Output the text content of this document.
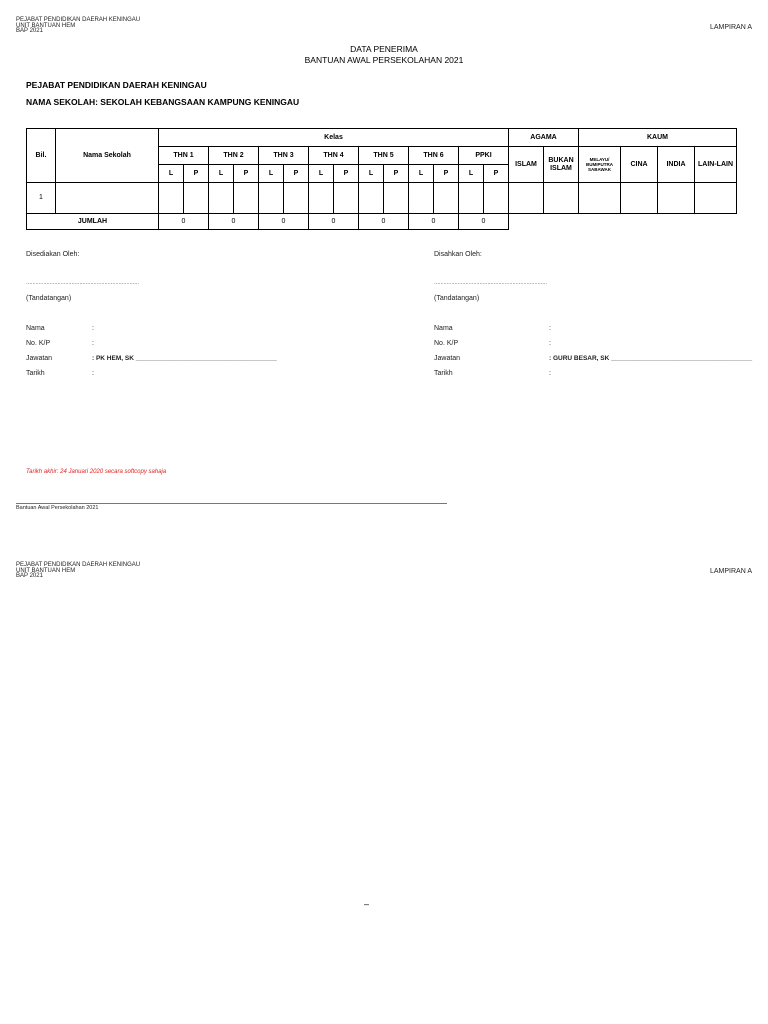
PEJABAT PENDIDIKAN DAERAH KENINGAU
UNIT BANTUAN HEM
BAP 2021	LAMPIRAN A
DATA PENERIMA
BANTUAN AWAL PERSEKOLAHAN 2021
PEJABAT PENDIDIKAN DAERAH KENINGAU
NAMA SEKOLAH: SEKOLAH KEBANGSAAN KAMPUNG KENINGAU
Bil.	Nama Sekolah	Kelas														AGAMA		KAUM			
		THN 1		THN 2		THN 3		THN 4		THN 5		THN 6		PPKI		ISLAM	BUKAN ISLAM	MELAYU/ BUMIPUTRA SABAWAK	CINA	INDIA	LAIN-LAIN
		L	P	L	P	L	P	L	P	L	P	L	P	L	P						
1																					
JUMLAH		0		0		0		0		0		0		0							
Disediakan Oleh:
………………………………………………………………
(Tandatangan)
Nama	:
No. K/P	:
Jawatan	: PK HEM, SK _______________________________________
Tarikh	:
Disahkan Oleh:
………………………………………………………………
(Tandatangan)
Nama	:
No. K/P	:
Jawatan	: GURU BESAR, SK _______________________________________
Tarikh	:
Tarikh akhir: 24 Januari 2020 secara softcopy sahaja
Bantuan Awal Persekolahan 2021
PEJABAT PENDIDIKAN DAERAH KENINGAU
UNIT BANTUAN HEM
BAP 2021
LAMPIRAN A
–
